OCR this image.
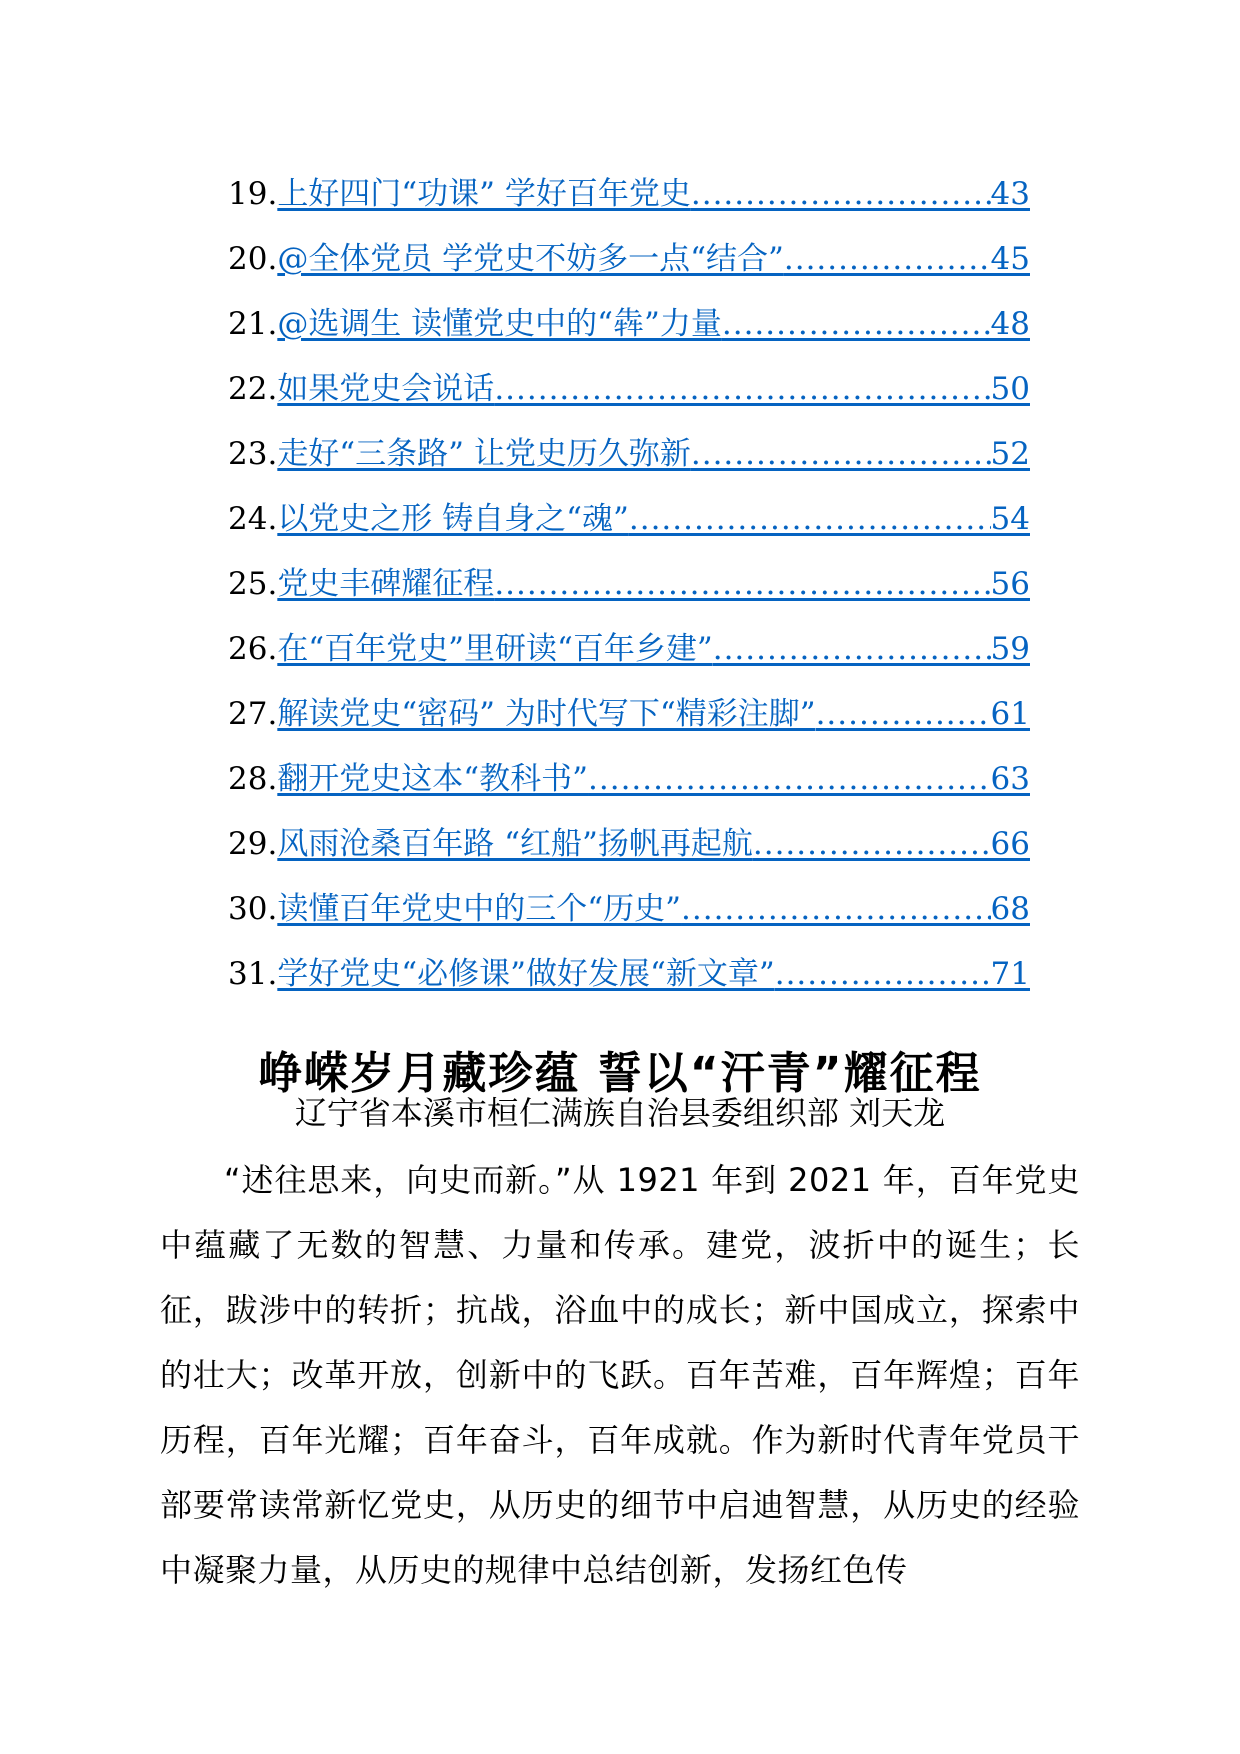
19. 上好四门“功课” 学好百年党史 .....	43
20. @全体党员 学党史不妨多一点“结合” .....	45
21. @选调生 读懂党史中的“犇”力量 .....	48
22. 如果党史会说话 .....	50
23. 走好“三条路” 让党史历久弥新 .....	52
24. 以党史之形 铸自身之“魂” .....	54
25. 党史丰碑耀征程 .....	56
26. 在“百年党史”里研读“百年乡建” .....	59
27. 解读党史“密码” 为时代写下“精彩注脚” .....	61
28. 翻开党史这本“教科书” .....	63
29. 风雨沧桑百年路 “红船”扬帆再起航 .....	66
30. 读懂百年党史中的三个“历史” .....	68
31. 学好党史“必修课”做好发展“新文章” .....	71
峥嵘岁月藏珍蕴 誓以“汗青”耀征程
辽宁省本溪市桓仁满族自治县委组织部 刘天龙

“述往思来，向史而新。”从 1921 年到 2021 年，百年党史中蕴藏了无数的智慧、力量和传承。建党，波折中的诞生；长征，跋涉中的转折；抗战，浴血中的成长；新中国成立，探索中的壮大；改革开放，创新中的飞跃。百年苦难，百年辉煌；百年历程，百年光耀；百年奋斗，百年成就。作为新时代青年党员干部要常读常新忆党史，从历史的细节中启迪智慧，从历史的经验中凝聚力量，从历史的规律中总结创新，发扬红色传
